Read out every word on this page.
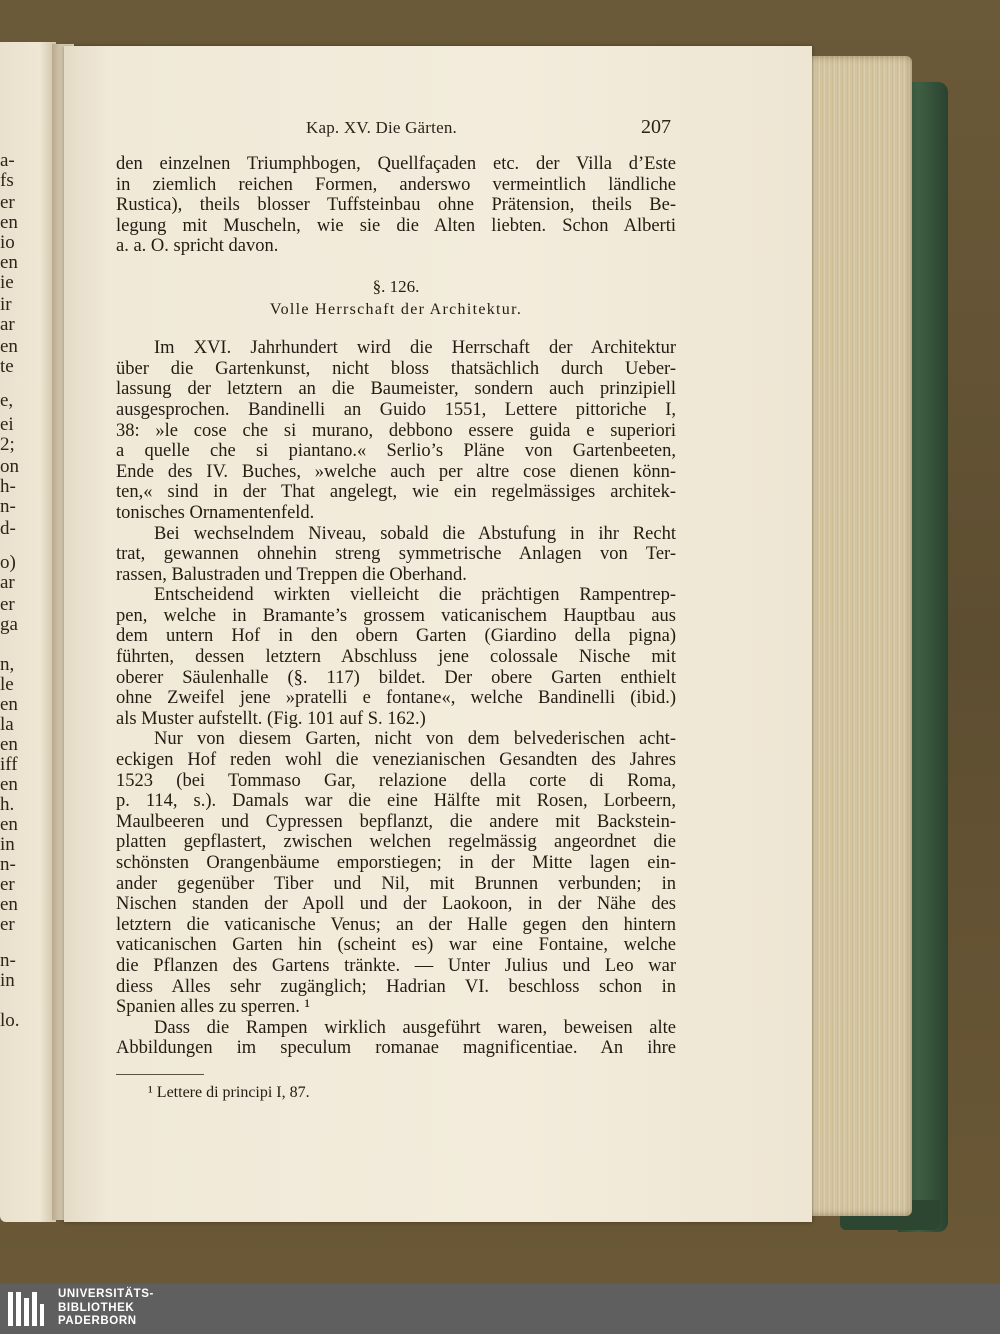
a-
fs
er
en
io
en
ie
ir
ar
en
te
e,
ei
2;
on
h-
n-
d-
o)
ar
er
ga
n,
le
en
la
en
iff
en
h.
en
in
n-
er
en
er
n-
in
lo.
Kap. XV. Die Gärten.	207
den einzelnen Triumphbogen, Quellfaçaden etc. der Villa d’Este
in ziemlich reichen Formen, anderswo vermeintlich ländliche
Rustica), theils blosser Tuffsteinbau ohne Prätension, theils Be-
legung mit Muscheln, wie sie die Alten liebten. Schon Alberti
a. a. O. spricht davon.
§. 126.
Volle Herrschaft der Architektur.
Im XVI. Jahrhundert wird die Herrschaft der Architektur
über die Gartenkunst, nicht bloss thatsächlich durch Ueber-
lassung der letztern an die Baumeister, sondern auch prinzipiell
ausgesprochen. Bandinelli an Guido 1551, Lettere pittoriche I,
38: »le cose che si murano, debbono essere guida e superiori
a quelle che si piantano.« Serlio’s Pläne von Gartenbeeten,
Ende des IV. Buches, »welche auch per altre cose dienen könn-
ten,« sind in der That angelegt, wie ein regelmässiges architek-
tonisches Ornamentenfeld.
Bei wechselndem Niveau, sobald die Abstufung in ihr Recht
trat, gewannen ohnehin streng symmetrische Anlagen von Ter-
rassen, Balustraden und Treppen die Oberhand.
Entscheidend wirkten vielleicht die prächtigen Rampentrep-
pen, welche in Bramante’s grossem vaticanischem Hauptbau aus
dem untern Hof in den obern Garten (Giardino della pigna)
führten, dessen letztern Abschluss jene colossale Nische mit
oberer Säulenhalle (§. 117) bildet. Der obere Garten enthielt
ohne Zweifel jene »pratelli e fontane«, welche Bandinelli (ibid.)
als Muster aufstellt. (Fig. 101 auf S. 162.)
Nur von diesem Garten, nicht von dem belvederischen acht-
eckigen Hof reden wohl die venezianischen Gesandten des Jahres
1523 (bei Tommaso Gar, relazione della corte di Roma,
p. 114, s.). Damals war die eine Hälfte mit Rosen, Lorbeern,
Maulbeeren und Cypressen bepflanzt, die andere mit Backstein-
platten gepflastert, zwischen welchen regelmässig angeordnet die
schönsten Orangenbäume emporstiegen; in der Mitte lagen ein-
ander gegenüber Tiber und Nil, mit Brunnen verbunden; in
Nischen standen der Apoll und der Laokoon, in der Nähe des
letztern die vaticanische Venus; an der Halle gegen den hintern
vaticanischen Garten hin (scheint es) war eine Fontaine, welche
die Pflanzen des Gartens tränkte. — Unter Julius und Leo war
diess Alles sehr zugänglich; Hadrian VI. beschloss schon in
Spanien alles zu sperren. ¹
Dass die Rampen wirklich ausgeführt waren, beweisen alte
Abbildungen im speculum romanae magnificentiae. An ihre
¹ Lettere di principi I, 87.
UNIVERSITÄTS-
BIBLIOTHEK
PADERBORN
